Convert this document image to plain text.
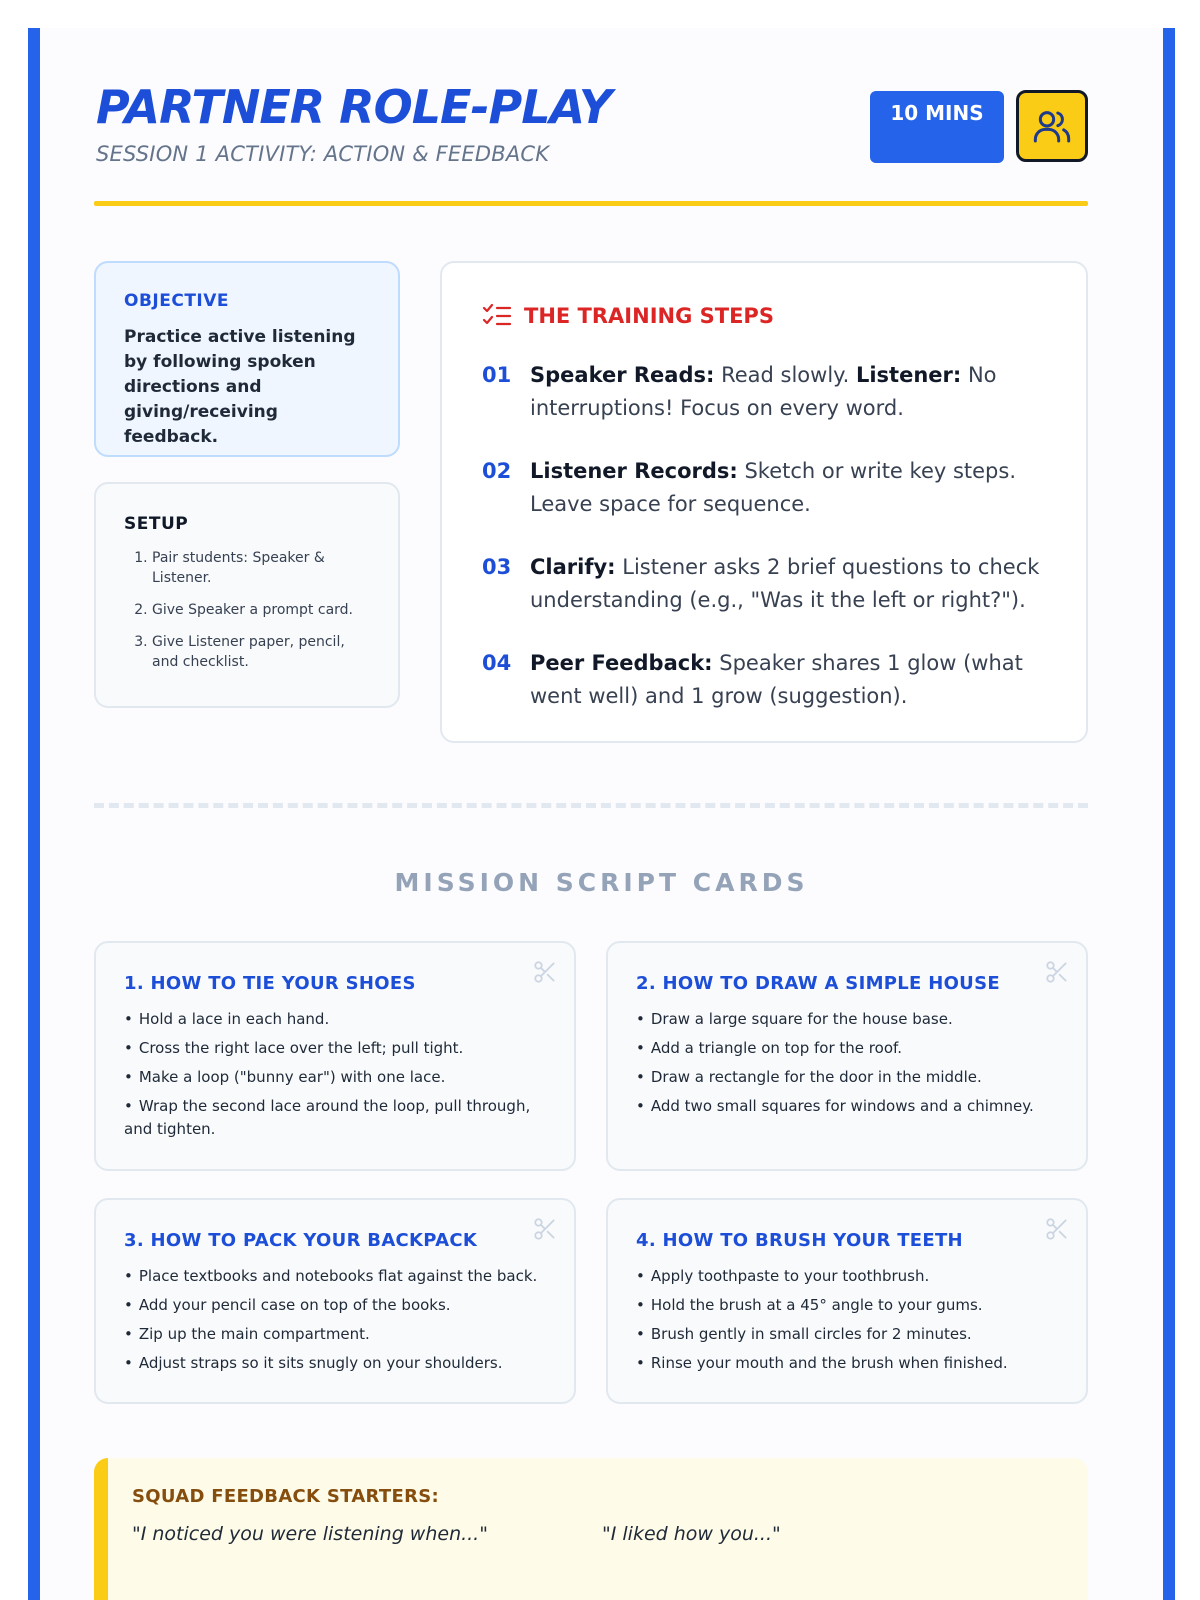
PARTNER ROLE-PLAY
SESSION 1 ACTIVITY: ACTION & FEEDBACK
10 MINS
OBJECTIVE

Practice active listening by following spoken directions and giving/receiving feedback.

SETUP
1. Pair students: Speaker & Listener.
2. Give Speaker a prompt card.
3. Give Listener paper, pencil, and checklist.
THE TRAINING STEPS
01 Speaker Reads: Read slowly. Listener: No interruptions! Focus on every word.
02 Listener Records: Sketch or write key steps. Leave space for sequence.
03 Clarify: Listener asks 2 brief questions to check understanding (e.g., "Was it the left or right?").
04 Peer Feedback: Speaker shares 1 glow (what went well) and 1 grow (suggestion).
MISSION SCRIPT CARDS
1. HOW TO TIE YOUR SHOES
• Hold a lace in each hand.
• Cross the right lace over the left; pull tight.
• Make a loop ("bunny ear") with one lace.
• Wrap the second lace around the loop, pull through, and tighten.
2. HOW TO DRAW A SIMPLE HOUSE
• Draw a large square for the house base.
• Add a triangle on top for the roof.
• Draw a rectangle for the door in the middle.
• Add two small squares for windows and a chimney.
3. HOW TO PACK YOUR BACKPACK
• Place textbooks and notebooks flat against the back.
• Add your pencil case on top of the books.
• Zip up the main compartment.
• Adjust straps so it sits snugly on your shoulders.
4. HOW TO BRUSH YOUR TEETH
• Apply toothpaste to your toothbrush.
• Hold the brush at a 45° angle to your gums.
• Brush gently in small circles for 2 minutes.
• Rinse your mouth and the brush when finished.
SQUAD FEEDBACK STARTERS:
"I noticed you were listening when..."	"I liked how you..."
